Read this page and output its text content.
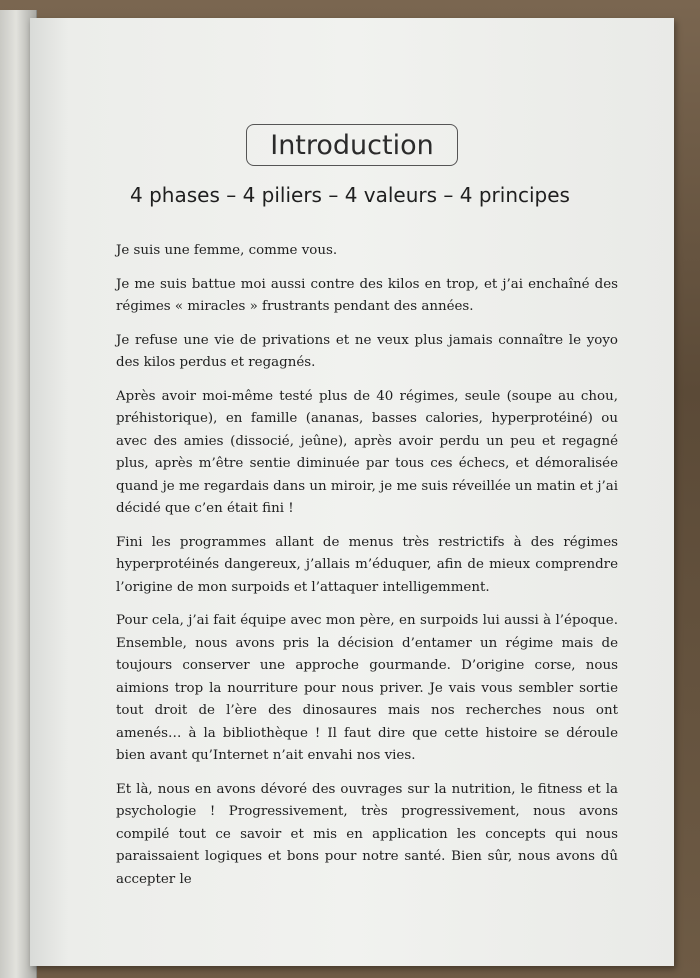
Introduction
4 phases – 4 piliers – 4 valeurs – 4 principes

Je suis une femme, comme vous.

Je me suis battue moi aussi contre des kilos en trop, et j’ai enchaîné des régimes « miracles » frustrants pendant des années.

Je refuse une vie de privations et ne veux plus jamais connaître le yoyo des kilos perdus et regagnés.

Après avoir moi-même testé plus de 40 régimes, seule (soupe au chou, préhistorique), en famille (ananas, basses calories, hyperprotéiné) ou avec des amies (dissocié, jeûne), après avoir perdu un peu et regagné plus, après m’être sentie diminuée par tous ces échecs, et démoralisée quand je me regardais dans un miroir, je me suis réveillée un matin et j’ai décidé que c’en était fini !

Fini les programmes allant de menus très restrictifs à des régimes hyperprotéinés dangereux, j’allais m’éduquer, afin de mieux comprendre l’origine de mon surpoids et l’attaquer intelligemment.

Pour cela, j’ai fait équipe avec mon père, en surpoids lui aussi à l’époque. Ensemble, nous avons pris la décision d’entamer un régime mais de toujours conserver une approche gourmande. D’origine corse, nous aimions trop la nourriture pour nous priver. Je vais vous sembler sortie tout droit de l’ère des dinosaures mais nos recherches nous ont amenés… à la bibliothèque ! Il faut dire que cette histoire se déroule bien avant qu’Internet n’ait envahi nos vies.

Et là, nous en avons dévoré des ouvrages sur la nutrition, le fitness et la psychologie ! Progressivement, très progressivement, nous avons compilé tout ce savoir et mis en application les concepts qui nous paraissaient logiques et bons pour notre santé. Bien sûr, nous avons dû accepter le
